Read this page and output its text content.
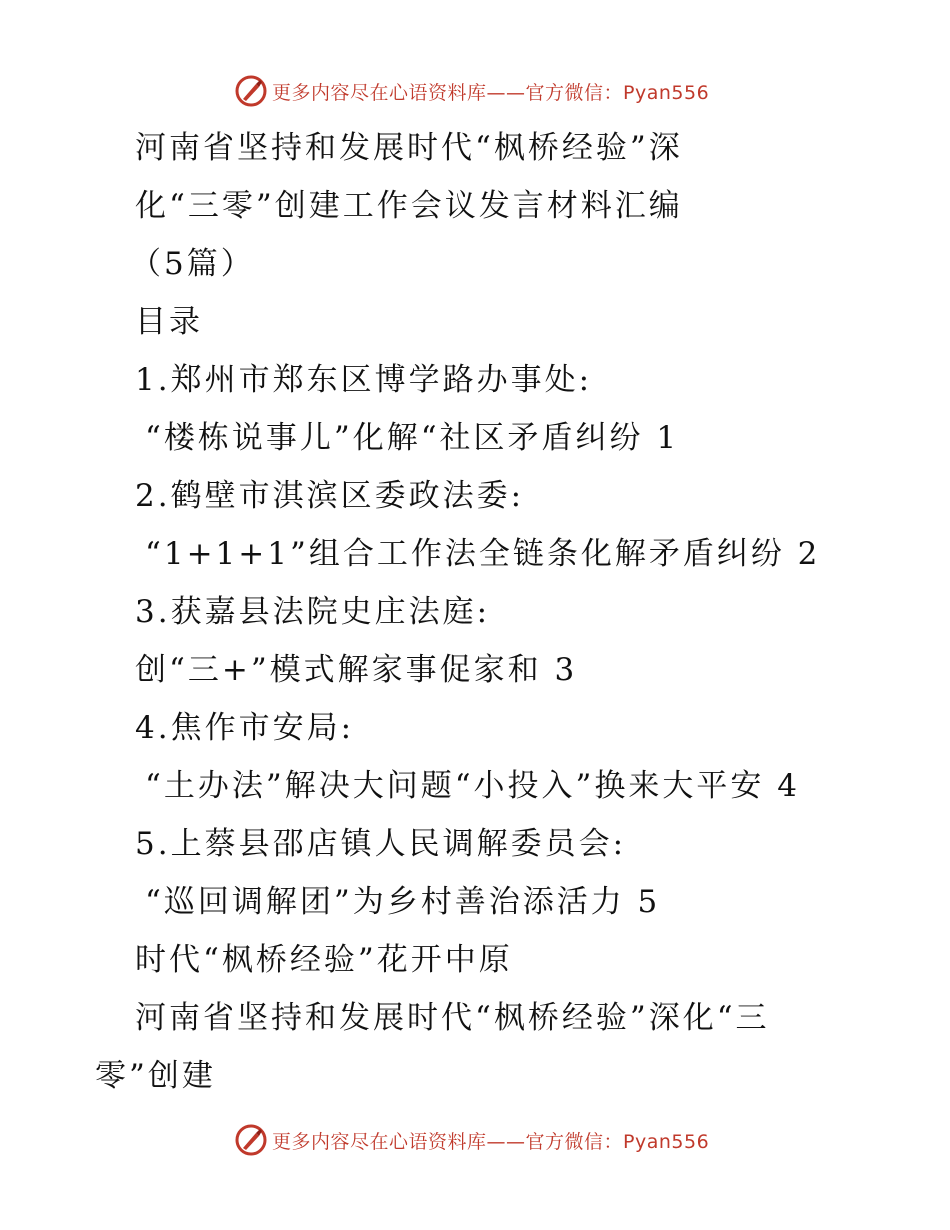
更多内容尽在心语资料库——官方微信：Pyan556
河南省坚持和发展时代“枫桥经验”深
化“三零”创建工作会议发言材料汇编
（5篇）
目录
1.郑州市郑东区博学路办事处:
“楼栋说事儿”化解“社区矛盾纠纷 1
2.鹤壁市淇滨区委政法委:
“1+1+1”组合工作法全链条化解矛盾纠纷 2
3.获嘉县法院史庄法庭:
创“三+”模式解家事促家和 3
4.焦作市安局:
“土办法”解决大问题“小投入”换来大平安 4
5.上蔡县邵店镇人民调解委员会:
“巡回调解团”为乡村善治添活力 5
时代“枫桥经验”花开中原
河南省坚持和发展时代“枫桥经验”深化“三
零”创建
更多内容尽在心语资料库——官方微信：Pyan556
